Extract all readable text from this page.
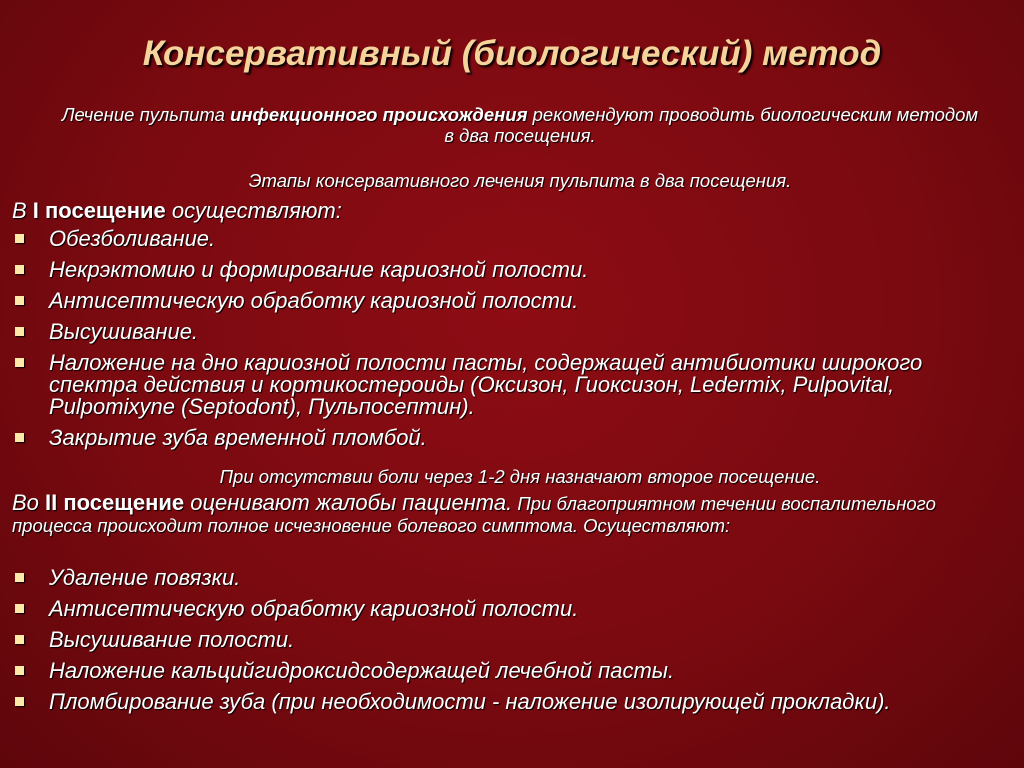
Консервативный (биологический) метод
Лечение пульпита инфекционного происхождения рекомендуют проводить биологическим методом в два посещения.
Этапы консервативного лечения пульпита в два посещения.
В I посещение осуществляют:
Обезболивание.
Некрэктомию и формирование кариозной полости.
Антисептическую обработку кариозной полости.
Высушивание.
Наложение на дно кариозной полости пасты, содержащей антибиотики широкого спектра действия и кортикостероиды (Оксизон, Гиоксизон, Ledermix, Pulpovital, Pulpomixyne (Septodont), Пульпосептин).
Закрытие зуба временной пломбой.
При отсутствии боли через 1-2 дня назначают второе посещение.
Во II посещение оценивают жалобы пациента. При благоприятном течении воспалительного процесса происходит полное исчезновение болевого симптома. Осуществляют:
Удаление повязки.
Антисептическую обработку кариозной полости.
Высушивание полости.
Наложение кальцийгидроксидсодержащей лечебной пасты.
Пломбирование зуба (при необходимости - наложение изолирующей прокладки).
